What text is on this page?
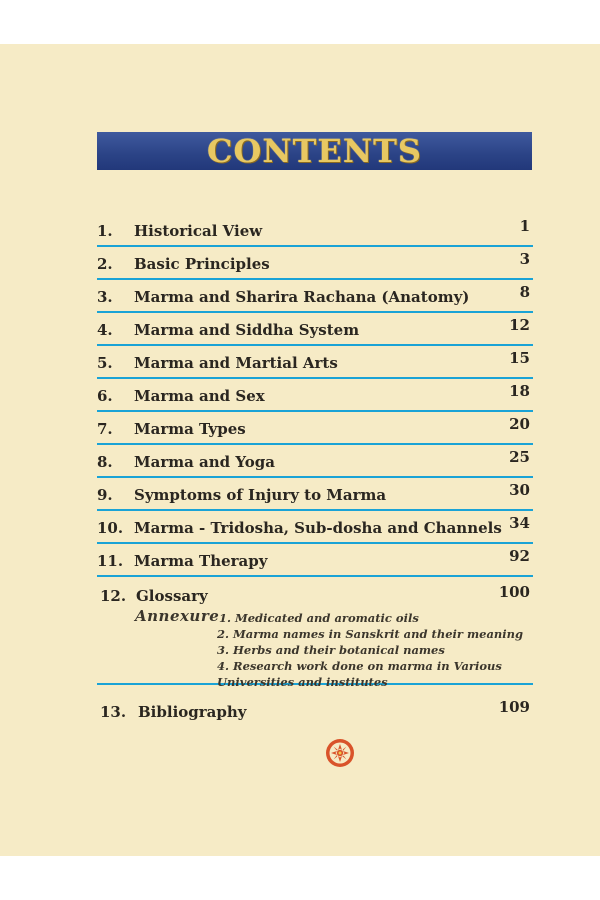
CONTENTS
1. Historical View	1
2. Basic Principles	3
3. Marma and Sharira Rachana (Anatomy)	8
4. Marma and Siddha System	12
5. Marma and Martial Arts	15
6. Marma and Sex	18
7. Marma Types	20
8. Marma and Yoga	25
9. Symptoms of Injury to Marma	30
10. Marma - Tridosha, Sub-dosha and Channels 34
11. Marma Therapy	92
12. Glossary	100
Annexure 1. Medicated and aromatic oils
2. Marma names in Sanskrit and their meaning
3. Herbs and their botanical names
4. Research work done on marma in Various
Universities and institutes
13. Bibliography	109
